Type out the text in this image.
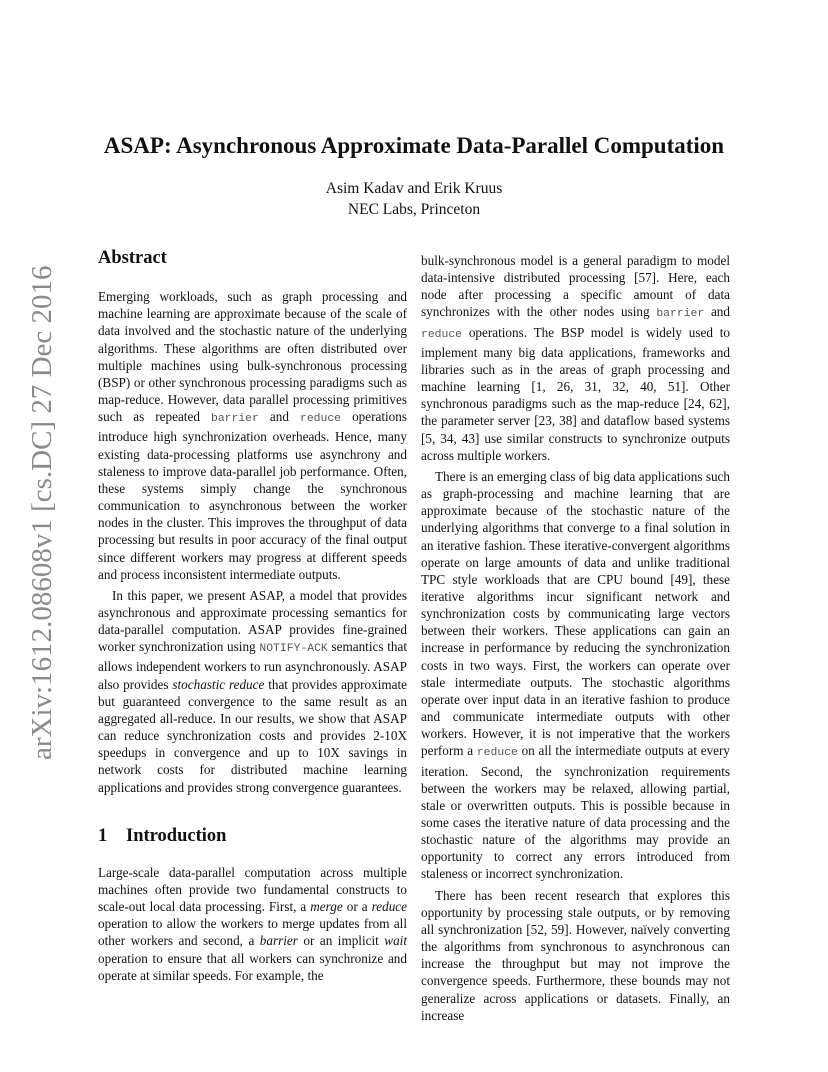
arXiv:1612.08608v1 [cs.DC] 27 Dec 2016
ASAP: Asynchronous Approximate Data-Parallel Computation
Asim Kadav and Erik Kruus
NEC Labs, Princeton
Abstract

Emerging workloads, such as graph processing and machine learning are approximate because of the scale of data involved and the stochastic nature of the underlying algorithms. These algorithms are often distributed over multiple machines using bulk-synchronous processing (BSP) or other synchronous processing paradigms such as map-reduce. However, data parallel processing primitives such as repeated barrier and reduce operations introduce high synchronization overheads. Hence, many existing data-processing platforms use asynchrony and staleness to improve data-parallel job performance. Often, these systems simply change the synchronous communication to asynchronous between the worker nodes in the cluster. This improves the throughput of data processing but results in poor accuracy of the final output since different workers may progress at different speeds and process inconsistent intermediate outputs.

In this paper, we present ASAP, a model that provides asynchronous and approximate processing semantics for data-parallel computation. ASAP provides fine-grained worker synchronization using NOTIFY-ACK semantics that allows independent workers to run asynchronously. ASAP also provides stochastic reduce that provides approximate but guaranteed convergence to the same result as an aggregated all-reduce. In our results, we show that ASAP can reduce synchronization costs and provides 2-10X speedups in convergence and up to 10X savings in network costs for distributed machine learning applications and provides strong convergence guarantees.

1 Introduction

Large-scale data-parallel computation across multiple machines often provide two fundamental constructs to scale-out local data processing. First, a merge or a reduce operation to allow the workers to merge updates from all other workers and second, a barrier or an implicit wait operation to ensure that all workers can synchronize and operate at similar speeds. For example, the

bulk-synchronous model is a general paradigm to model data-intensive distributed processing [57]. Here, each node after processing a specific amount of data synchronizes with the other nodes using barrier and reduce operations. The BSP model is widely used to implement many big data applications, frameworks and libraries such as in the areas of graph processing and machine learning [1, 26, 31, 32, 40, 51]. Other synchronous paradigms such as the map-reduce [24, 62], the parameter server [23, 38] and dataflow based systems [5, 34, 43] use similar constructs to synchronize outputs across multiple workers.

There is an emerging class of big data applications such as graph-processing and machine learning that are approximate because of the stochastic nature of the underlying algorithms that converge to a final solution in an iterative fashion. These iterative-convergent algorithms operate on large amounts of data and unlike traditional TPC style workloads that are CPU bound [49], these iterative algorithms incur significant network and synchronization costs by communicating large vectors between their workers. These applications can gain an increase in performance by reducing the synchronization costs in two ways. First, the workers can operate over stale intermediate outputs. The stochastic algorithms operate over input data in an iterative fashion to produce and communicate intermediate outputs with other workers. However, it is not imperative that the workers perform a reduce on all the intermediate outputs at every iteration. Second, the synchronization requirements between the workers may be relaxed, allowing partial, stale or overwritten outputs. This is possible because in some cases the iterative nature of data processing and the stochastic nature of the algorithms may provide an opportunity to correct any errors introduced from staleness or incorrect synchronization.

There has been recent research that explores this opportunity by processing stale outputs, or by removing all synchronization [52, 59]. However, naïvely converting the algorithms from synchronous to asynchronous can increase the throughput but may not improve the convergence speeds. Furthermore, these bounds may not generalize across applications or datasets. Finally, an increase
